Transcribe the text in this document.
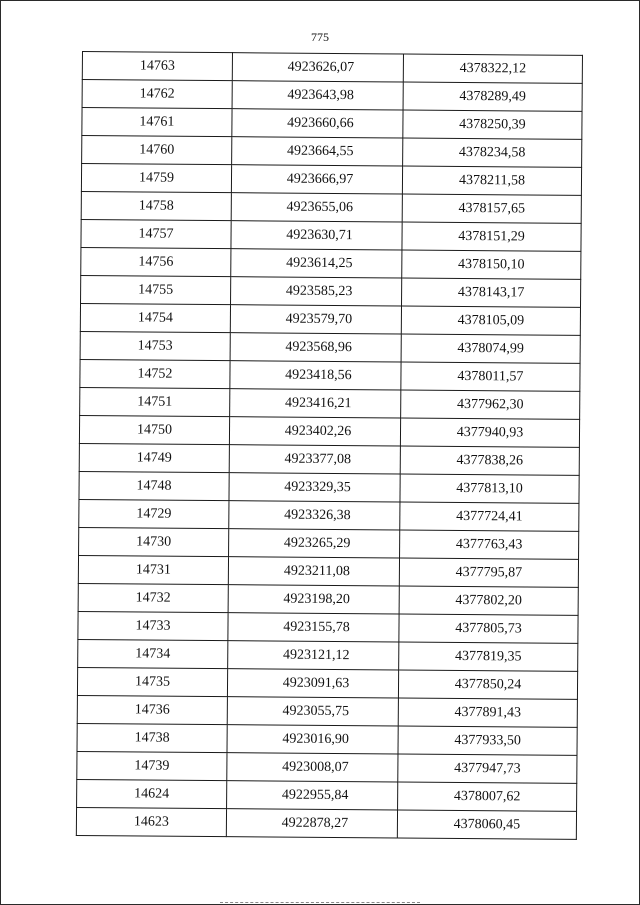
775
14763	4923626,07	4378322,12
14762	4923643,98	4378289,49
14761	4923660,66	4378250,39
14760	4923664,55	4378234,58
14759	4923666,97	4378211,58
14758	4923655,06	4378157,65
14757	4923630,71	4378151,29
14756	4923614,25	4378150,10
14755	4923585,23	4378143,17
14754	4923579,70	4378105,09
14753	4923568,96	4378074,99
14752	4923418,56	4378011,57
14751	4923416,21	4377962,30
14750	4923402,26	4377940,93
14749	4923377,08	4377838,26
14748	4923329,35	4377813,10
14729	4923326,38	4377724,41
14730	4923265,29	4377763,43
14731	4923211,08	4377795,87
14732	4923198,20	4377802,20
14733	4923155,78	4377805,73
14734	4923121,12	4377819,35
14735	4923091,63	4377850,24
14736	4923055,75	4377891,43
14738	4923016,90	4377933,50
14739	4923008,07	4377947,73
14624	4922955,84	4378007,62
14623	4922878,27	4378060,45
